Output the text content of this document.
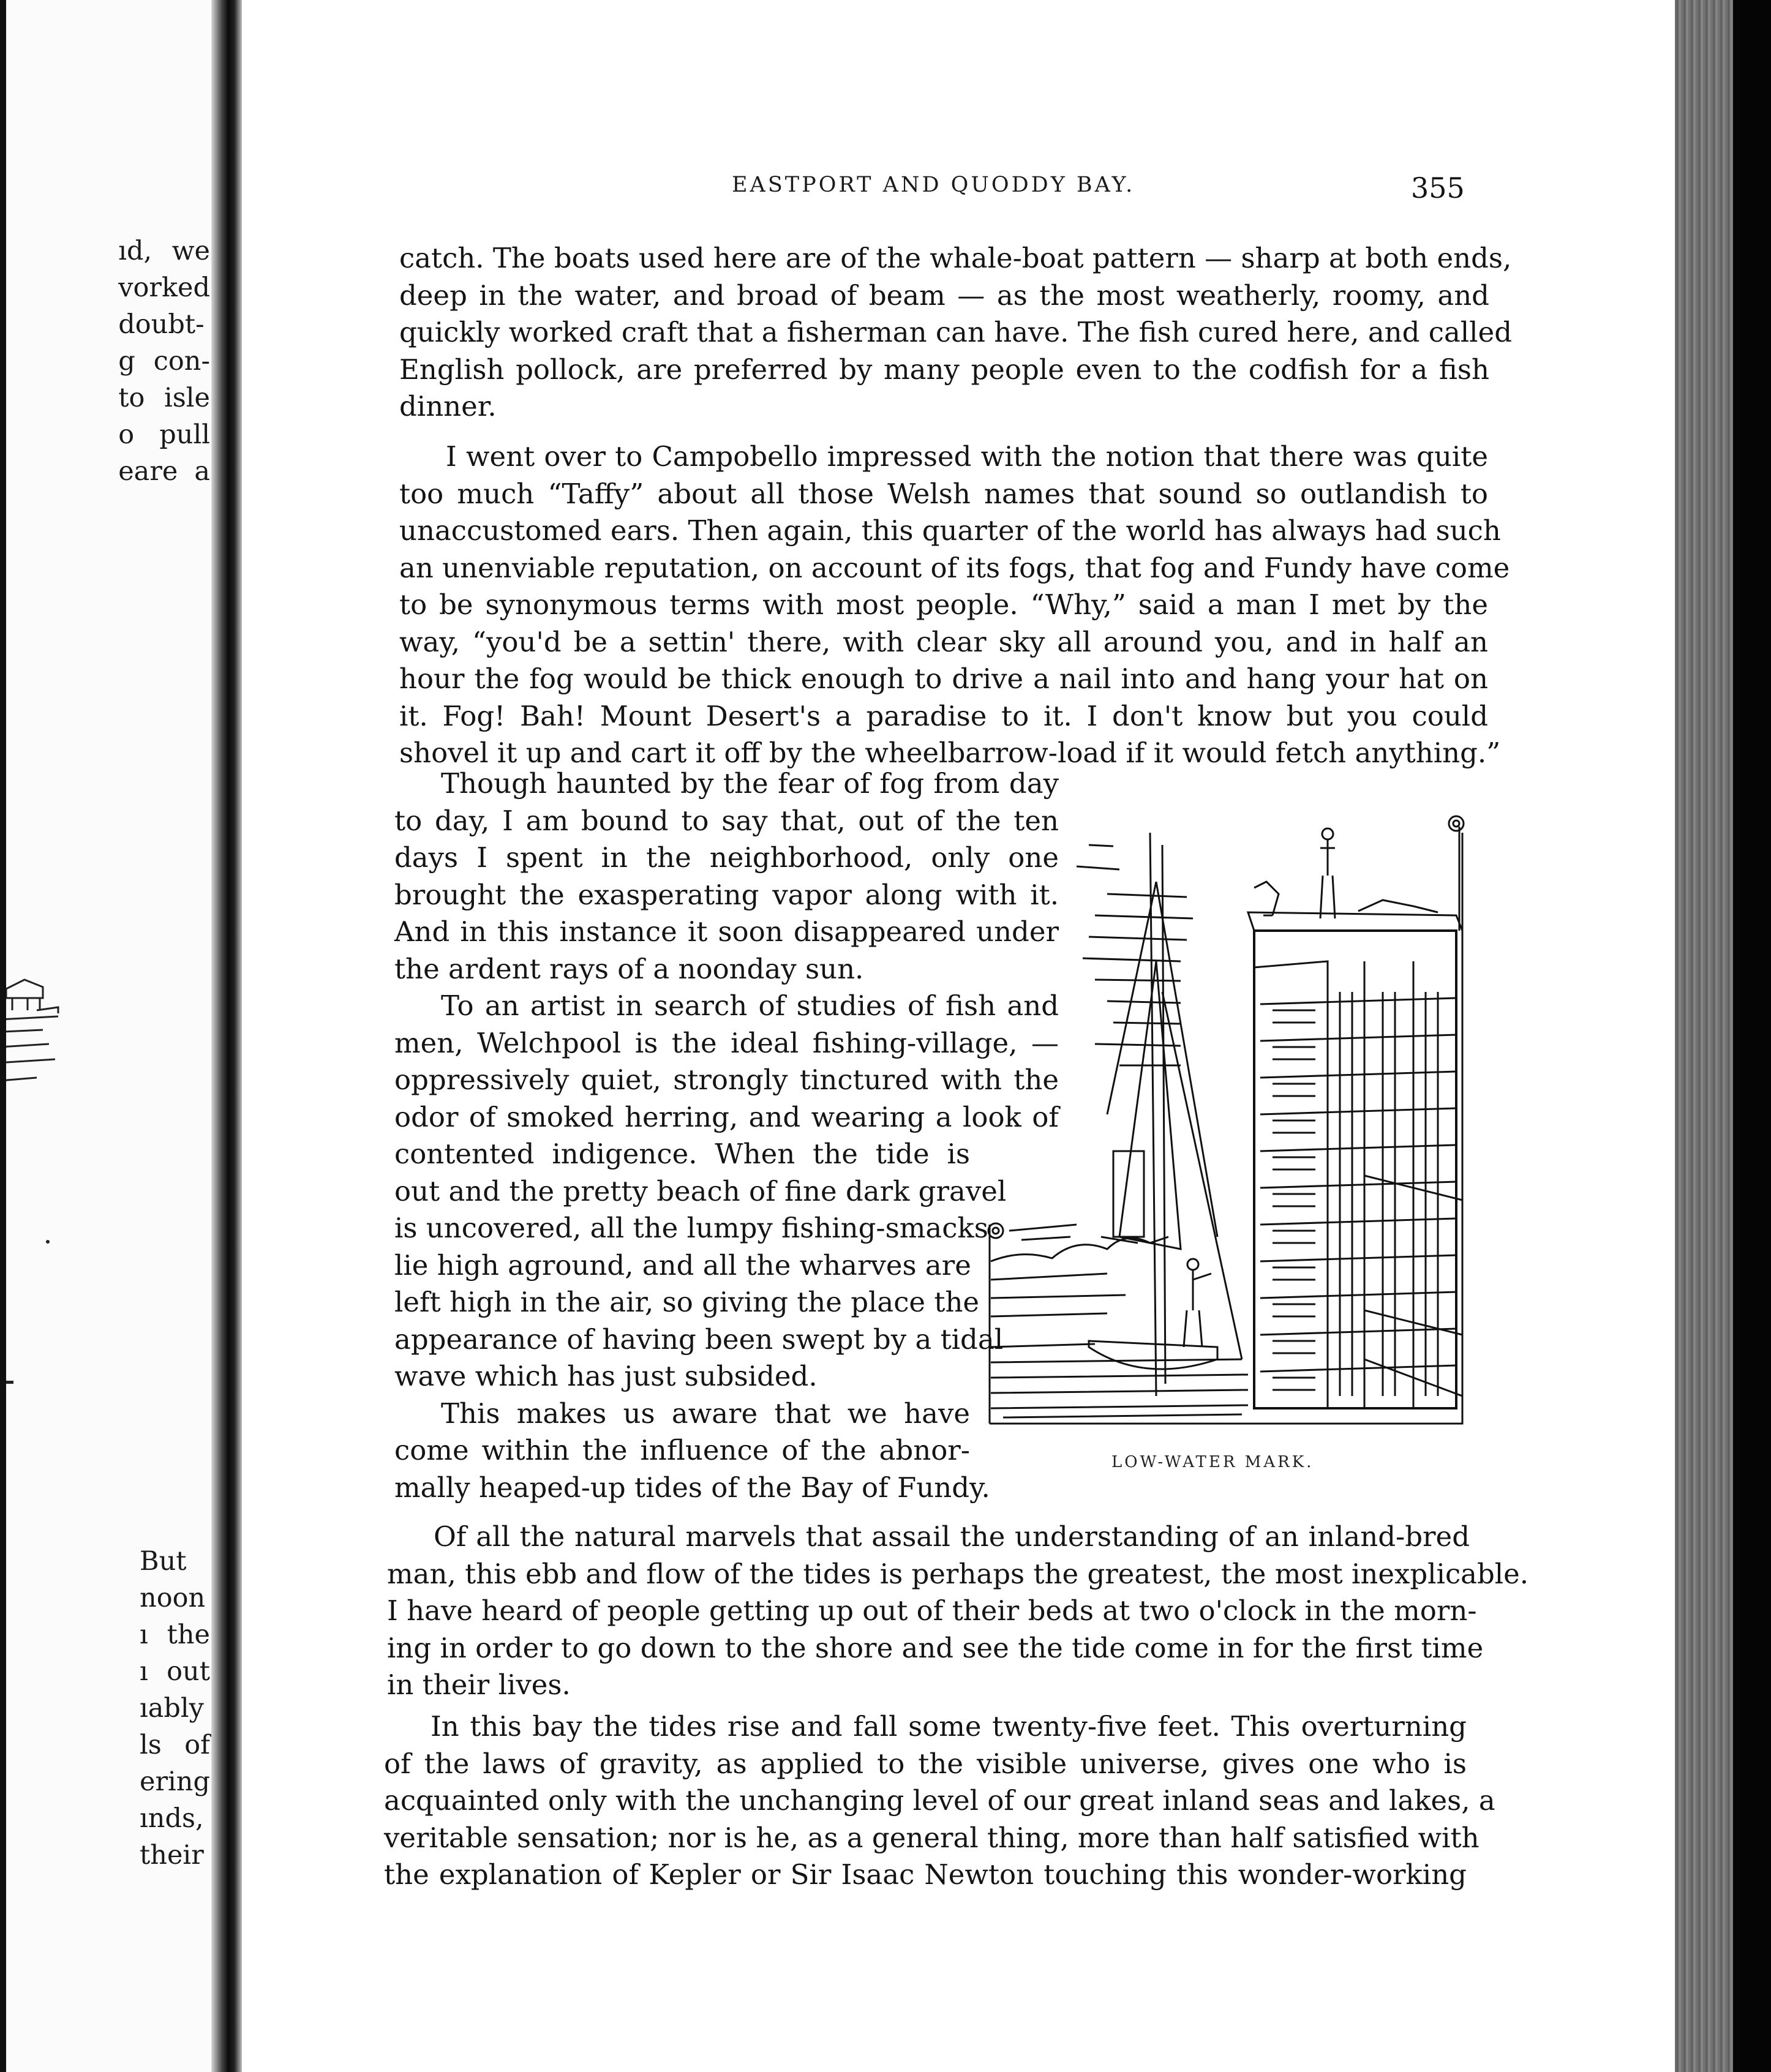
ıd, we
vorked
doubt-
g con-
to isle
o pull
eare a
But
noon
ı the
ı out
ıably
ls of
ering
ınds,
their
EASTPORT AND QUODDY BAY.	355
catch. The boats used here are of the whale-boat pattern — sharp at both ends,
deep in the water, and broad of beam — as the most weatherly, roomy, and
quickly worked craft that a fisherman can have. The fish cured here, and called
English pollock, are preferred by many people even to the codfish for a fish
dinner.
I went over to Campobello impressed with the notion that there was quite
too much “Taffy” about all those Welsh names that sound so outlandish to
unaccustomed ears. Then again, this quarter of the world has always had such
an unenviable reputation, on account of its fogs, that fog and Fundy have come
to be synonymous terms with most people. “Why,” said a man I met by the
way, “you'd be a settin' there, with clear sky all around you, and in half an
hour the fog would be thick enough to drive a nail into and hang your hat on
it. Fog! Bah! Mount Desert's a paradise to it. I don't know but you could
shovel it up and cart it off by the wheelbarrow-load if it would fetch anything.”
Though haunted by the fear of fog from day
to day, I am bound to say that, out of the ten
days I spent in the neighborhood, only one
brought the exasperating vapor along with it.
And in this instance it soon disappeared under
the ardent rays of a noonday sun.
To an artist in search of studies of fish and
men, Welchpool is the ideal fishing-village, —
oppressively quiet, strongly tinctured with the
odor of smoked herring, and wearing a look of
contented indigence. When the tide is
out and the pretty beach of fine dark gravel
is uncovered, all the lumpy fishing-smacks
lie high aground, and all the wharves are
left high in the air, so giving the place the
appearance of having been swept by a tidal
wave which has just subsided.
This makes us aware that we have
come within the influence of the abnor-
mally heaped-up tides of the Bay of Fundy.
LOW-WATER MARK.
Of all the natural marvels that assail the understanding of an inland-bred
man, this ebb and flow of the tides is perhaps the greatest, the most inexplicable.
I have heard of people getting up out of their beds at two o'clock in the morn-
ing in order to go down to the shore and see the tide come in for the first time
in their lives.
In this bay the tides rise and fall some twenty-five feet. This overturning
of the laws of gravity, as applied to the visible universe, gives one who is
acquainted only with the unchanging level of our great inland seas and lakes, a
veritable sensation; nor is he, as a general thing, more than half satisfied with
the explanation of Kepler or Sir Isaac Newton touching this wonder-working
